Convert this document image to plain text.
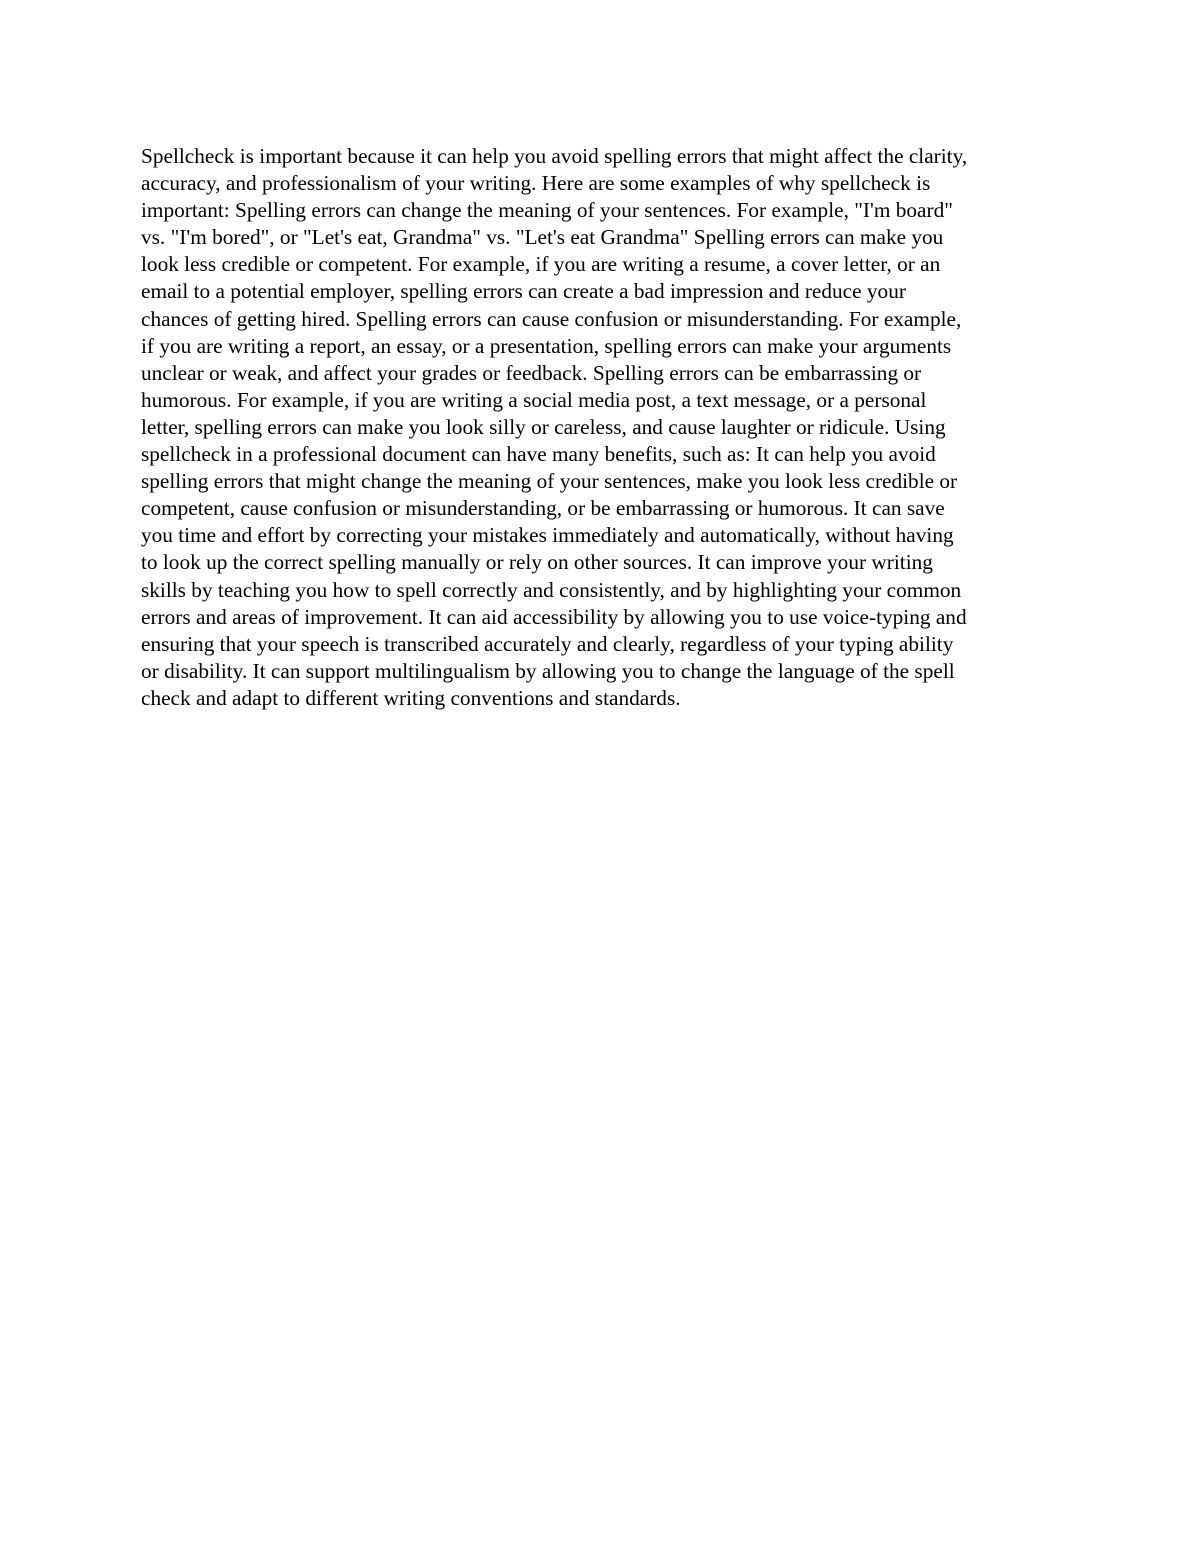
Spellcheck is important because it can help you avoid spelling errors that might affect the clarity,
accuracy, and professionalism of your writing. Here are some examples of why spellcheck is
important: Spelling errors can change the meaning of your sentences. For example, "I'm board"
vs. "I'm bored", or "Let's eat, Grandma" vs. "Let's eat Grandma" Spelling errors can make you
look less credible or competent. For example, if you are writing a resume, a cover letter, or an
email to a potential employer, spelling errors can create a bad impression and reduce your
chances of getting hired. Spelling errors can cause confusion or misunderstanding. For example,
if you are writing a report, an essay, or a presentation, spelling errors can make your arguments
unclear or weak, and affect your grades or feedback. Spelling errors can be embarrassing or
humorous. For example, if you are writing a social media post, a text message, or a personal
letter, spelling errors can make you look silly or careless, and cause laughter or ridicule. Using
spellcheck in a professional document can have many benefits, such as: It can help you avoid
spelling errors that might change the meaning of your sentences, make you look less credible or
competent, cause confusion or misunderstanding, or be embarrassing or humorous. It can save
you time and effort by correcting your mistakes immediately and automatically, without having
to look up the correct spelling manually or rely on other sources. It can improve your writing
skills by teaching you how to spell correctly and consistently, and by highlighting your common
errors and areas of improvement. It can aid accessibility by allowing you to use voice-typing and
ensuring that your speech is transcribed accurately and clearly, regardless of your typing ability
or disability. It can support multilingualism by allowing you to change the language of the spell
check and adapt to different writing conventions and standards.
